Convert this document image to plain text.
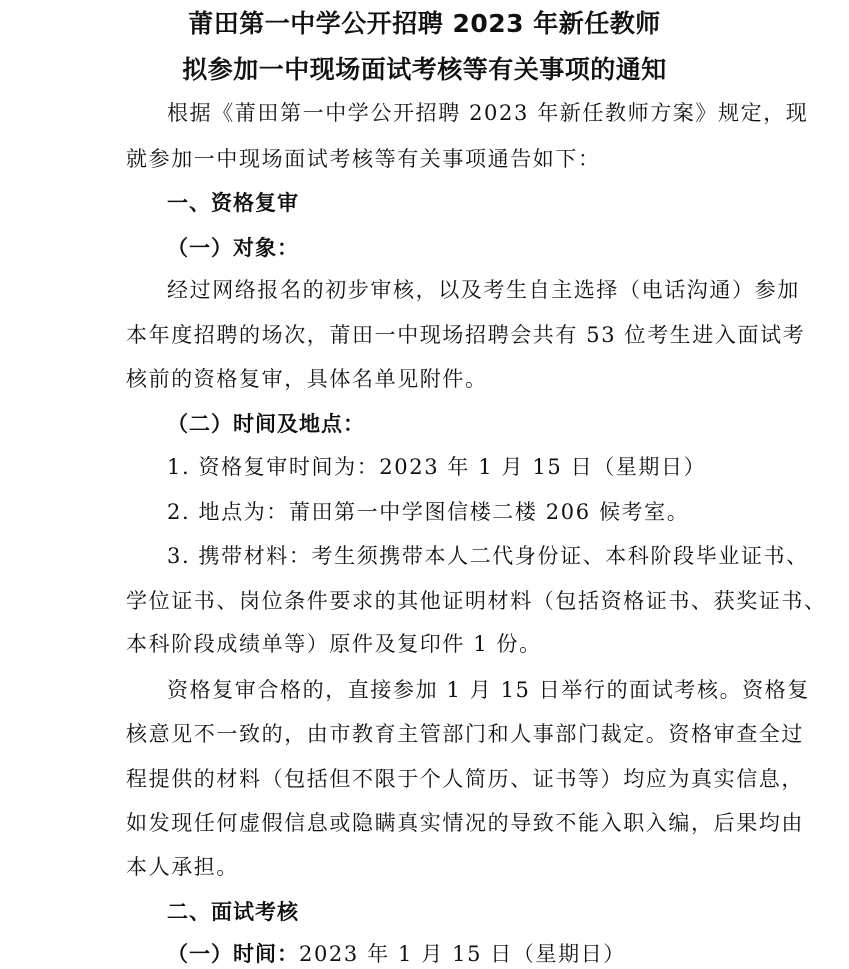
莆田第一中学公开招聘 2023 年新任教师
拟参加一中现场面试考核等有关事项的通知
根据《莆田第一中学公开招聘 2023 年新任教师方案》规定，现
就参加一中现场面试考核等有关事项通告如下：
一、资格复审
（一）对象：
经过网络报名的初步审核，以及考生自主选择（电话沟通）参加
本年度招聘的场次，莆田一中现场招聘会共有 53 位考生进入面试考
核前的资格复审，具体名单见附件。
（二）时间及地点：
1. 资格复审时间为：2023 年 1 月 15 日（星期日）
2. 地点为：莆田第一中学图信楼二楼 206 候考室。
3. 携带材料：考生须携带本人二代身份证、本科阶段毕业证书、
学位证书、岗位条件要求的其他证明材料（包括资格证书、获奖证书、
本科阶段成绩单等）原件及复印件 1 份。
资格复审合格的，直接参加 1 月 15 日举行的面试考核。资格复
核意见不一致的，由市教育主管部门和人事部门裁定。资格审查全过
程提供的材料（包括但不限于个人简历、证书等）均应为真实信息，
如发现任何虚假信息或隐瞒真实情况的导致不能入职入编，后果均由
本人承担。
二、面试考核
（一）时间：2023 年 1 月 15 日（星期日）
